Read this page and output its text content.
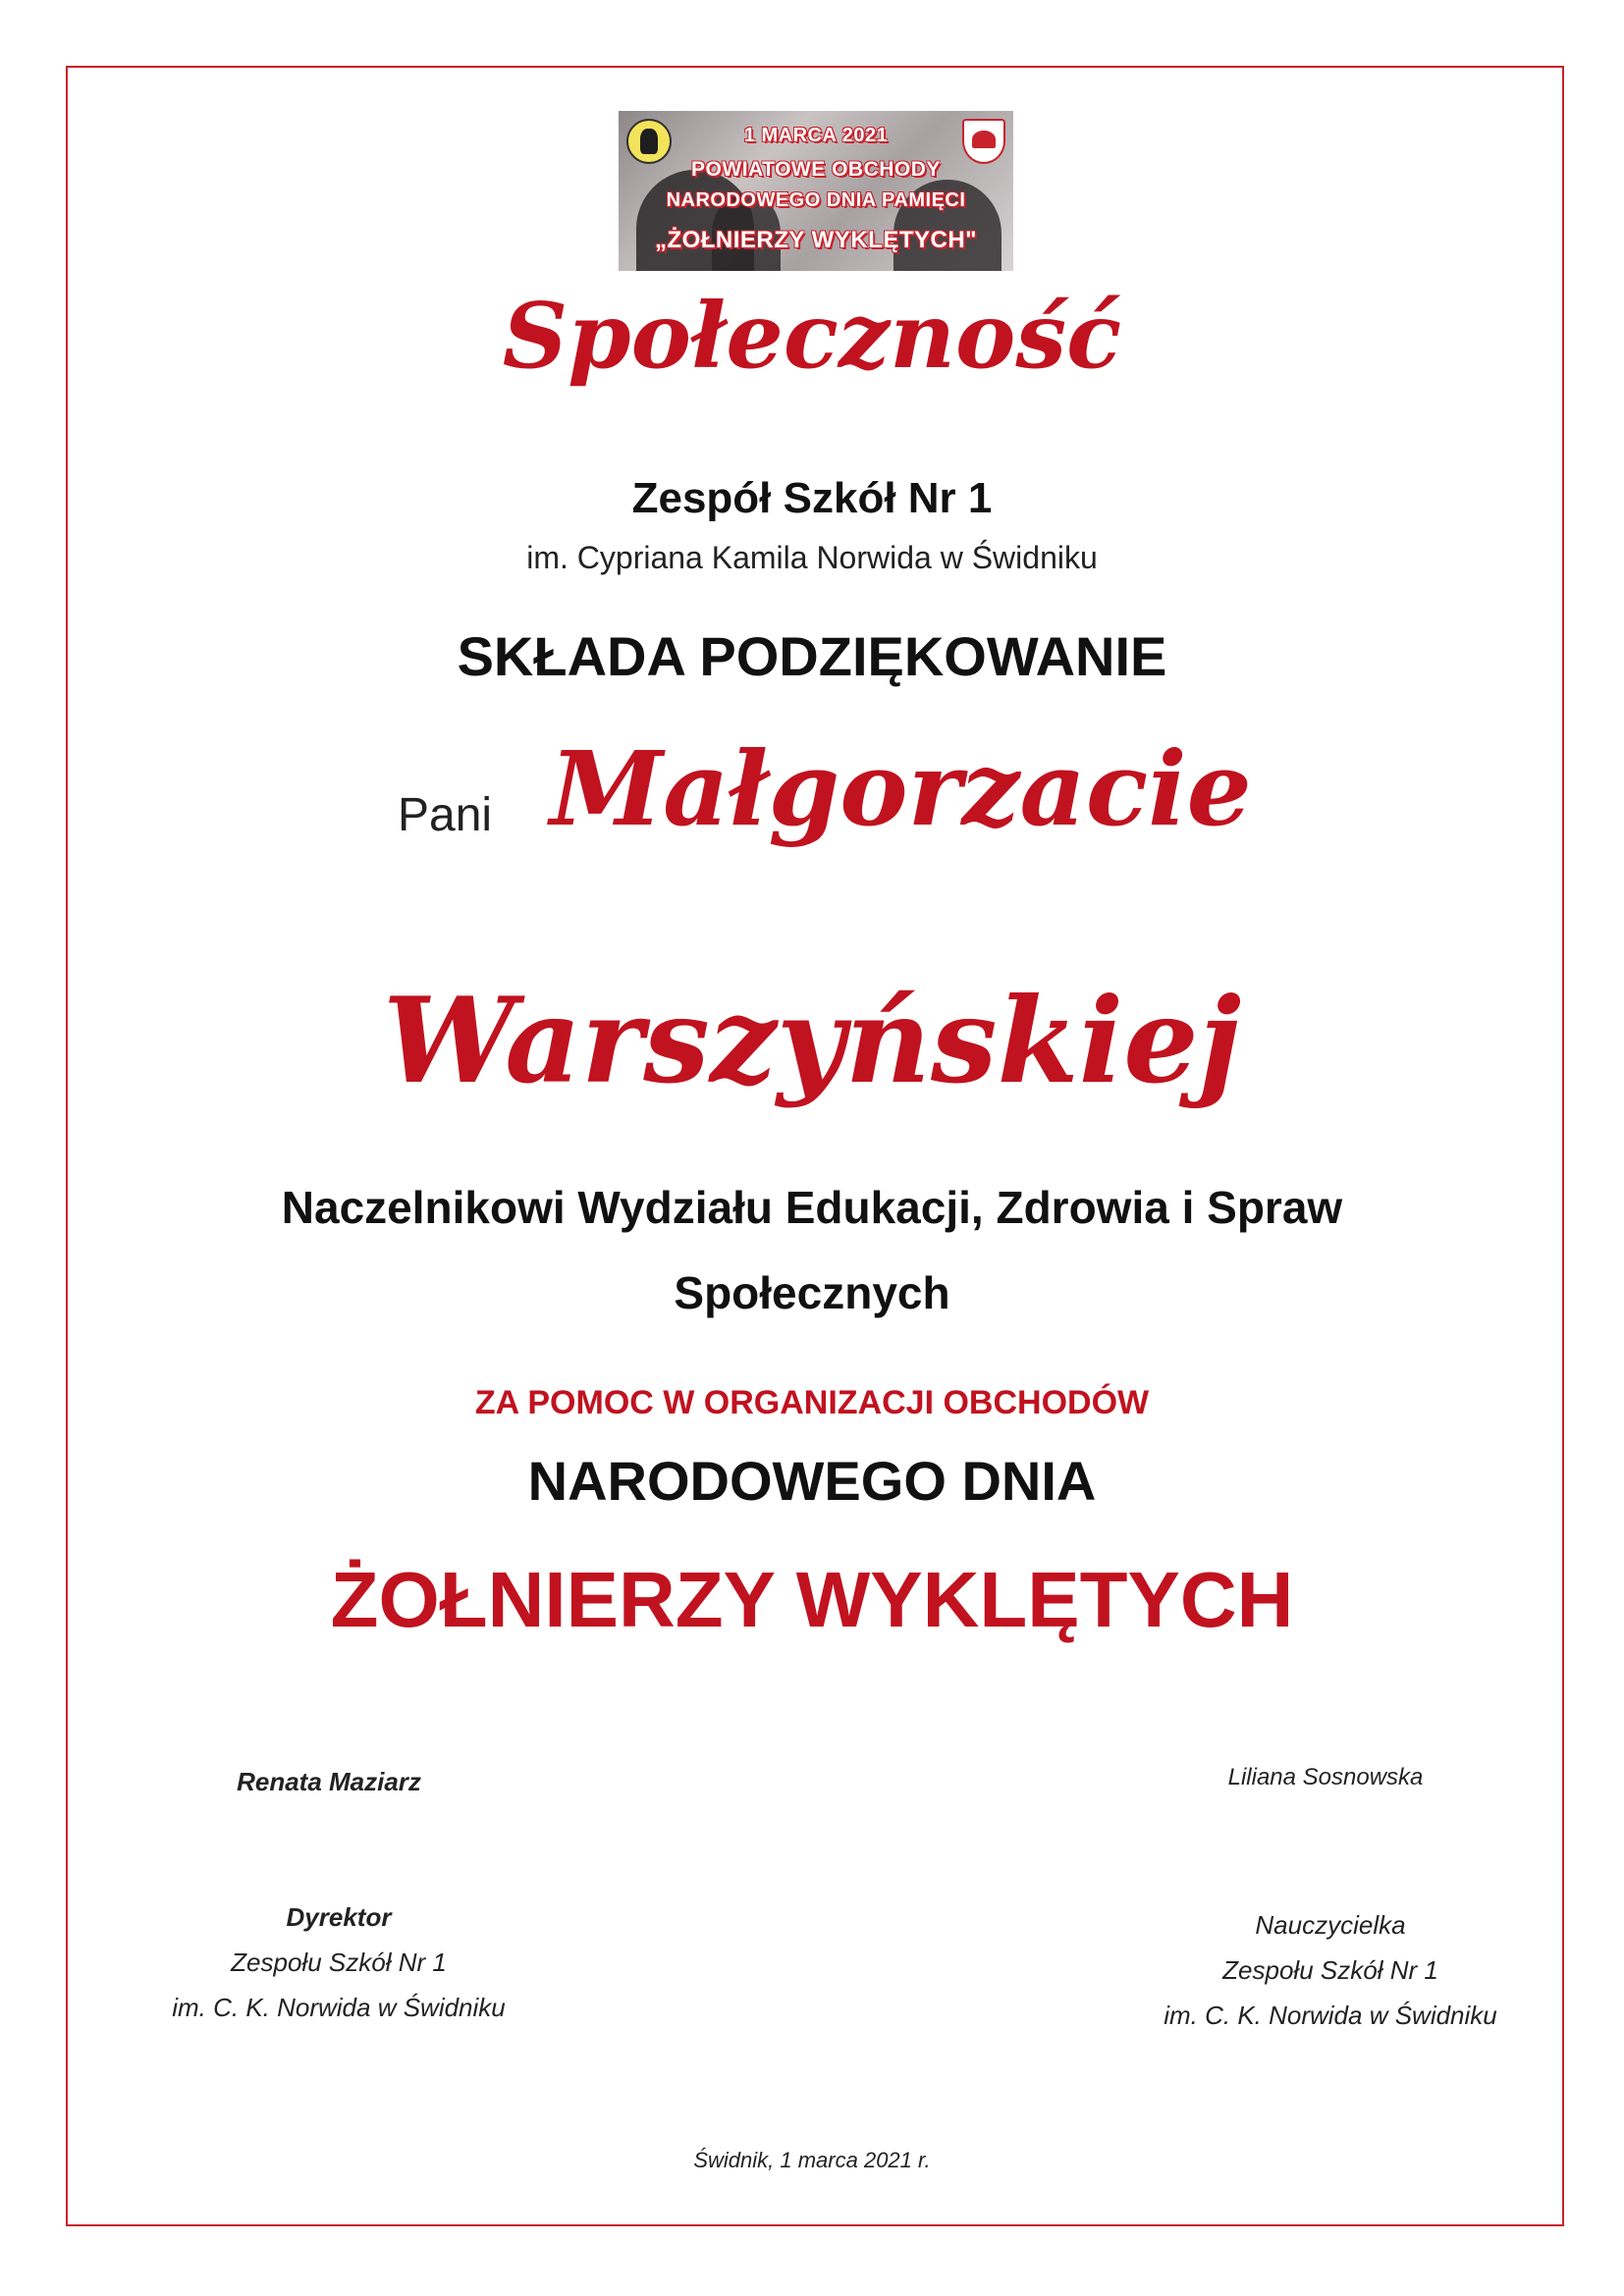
1 MARCA 2021
POWIATOWE OBCHODY
NARODOWEGO DNIA PAMIĘCI
„ŻOŁNIERZY WYKLĘTYCH"
Społeczność
Zespół Szkół Nr 1
im. Cypriana Kamila Norwida w Świdniku
SKŁADA PODZIĘKOWANIE
Pani Małgorzacie
Warszyńskiej
Naczelnikowi Wydziału Edukacji, Zdrowia i Spraw
Społecznych
ZA POMOC W ORGANIZACJI OBCHODÓW
NARODOWEGO DNIA
ŻOŁNIERZY WYKLĘTYCH
Renata Maziarz
Dyrektor
Zespołu Szkół Nr 1
im. C. K. Norwida w Świdniku
Liliana Sosnowska
Nauczycielka
Zespołu Szkół Nr 1
im. C. K. Norwida w Świdniku
Świdnik, 1 marca 2021 r.
